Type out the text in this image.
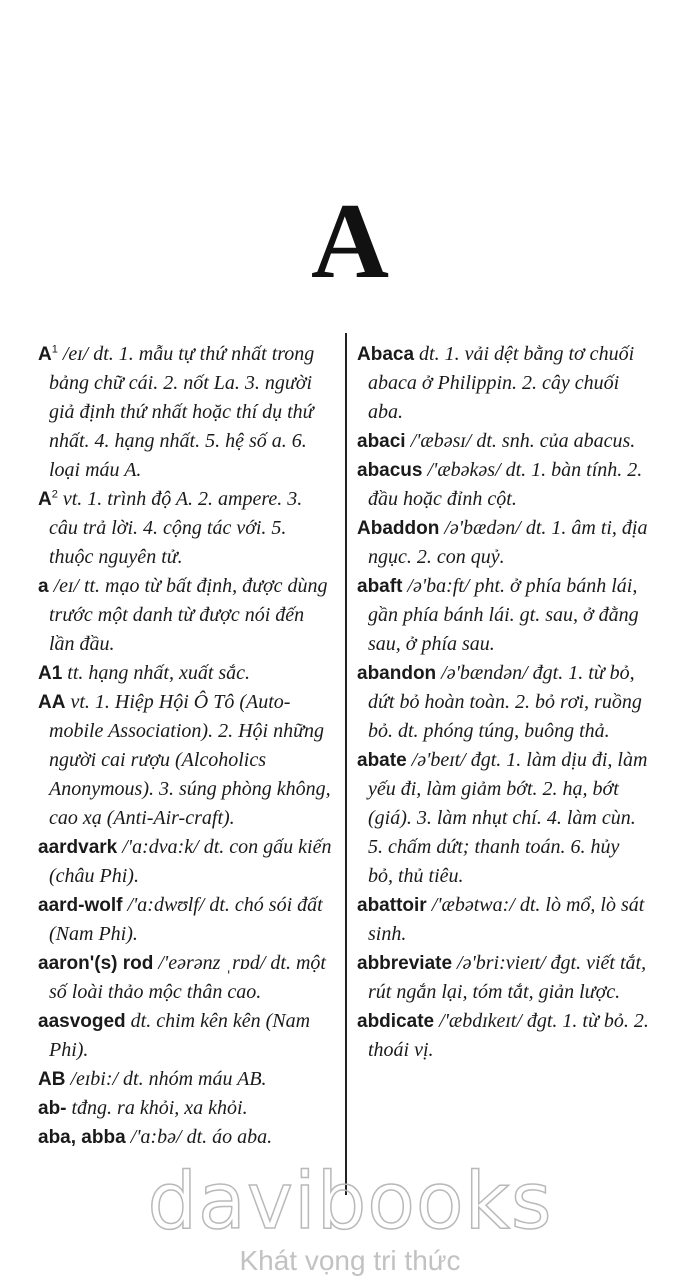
A
$A^1$ /eɪ/ dt. 1. mẫu tự thứ nhất trong bảng chữ cái. 2. nốt La. 3. người giả định thứ nhất hoặc thí dụ thứ nhất. 4. hạng nhất. 5. hệ số a. 6. loại máu A.
$A^2$ vt. 1. trình độ A. 2. ampere. 3. câu trả lời. 4. cộng tác với. 5. thuộc nguyên tử.
a /eɪ/ tt. mạo từ bất định, được dùng trước một danh từ được nói đến lần đầu.
A1 tt. hạng nhất, xuất sắc.
AA vt. 1. Hiệp Hội Ô Tô (Auto- mobile Association). 2. Hội những người cai rượu (Alcoholics Anonymous). 3. súng phòng không, cao xạ (Anti-Air-craft).
aardvark /'ɑ:dvɑ:k/ dt. con gấu kiến (châu Phi).
aard-wolf /'ɑ:dwʊlf/ dt. chó sói đất (Nam Phi).
aaron'(s) rod /'eərənz ˌrɒd/ dt. một số loài thảo mộc thân cao.
aasvoged dt. chim kên kên (Nam Phi).
AB /eɪbi:/ dt. nhóm máu AB.
ab- tđng. ra khỏi, xa khỏi.
aba, abba /'ɑ:bə/ dt. áo aba.
Abaca dt. 1. vải dệt bằng tơ chuối abaca ở Philippin. 2. cây chuối aba.
abaci /'æbəsɪ/ dt. snh. của abacus.
abacus /'æbəkəs/ dt. 1. bàn tính. 2. đầu hoặc đỉnh cột.
Abaddon /ə'bædən/ dt. 1. âm ti, địa ngục. 2. con quỷ.
abaft /ə'bɑ:ft/ pht. ở phía bánh lái, gần phía bánh lái. gt. sau, ở đằng sau, ở phía sau.
abandon /ə'bændən/ đgt. 1. từ bỏ, dứt bỏ hoàn toàn. 2. bỏ rơi, ruồng bỏ. dt. phóng túng, buông thả.
abate /ə'beɪt/ đgt. 1. làm dịu đi, làm yếu đi, làm giảm bớt. 2. hạ, bớt (giá). 3. làm nhụt chí. 4. làm cùn. 5. chấm dứt; thanh toán. 6. hủy bỏ, thủ tiêu.
abattoir /'æbətwɑ:/ dt. lò mổ, lò sát sinh.
abbreviate /ə'bri:vieɪt/ đgt. viết tắt, rút ngắn lại, tóm tắt, giản lược.
abdicate /'æbdɪkeɪt/ đgt. 1. từ bỏ. 2. thoái vị.
davibooks
Khát vọng tri thức
